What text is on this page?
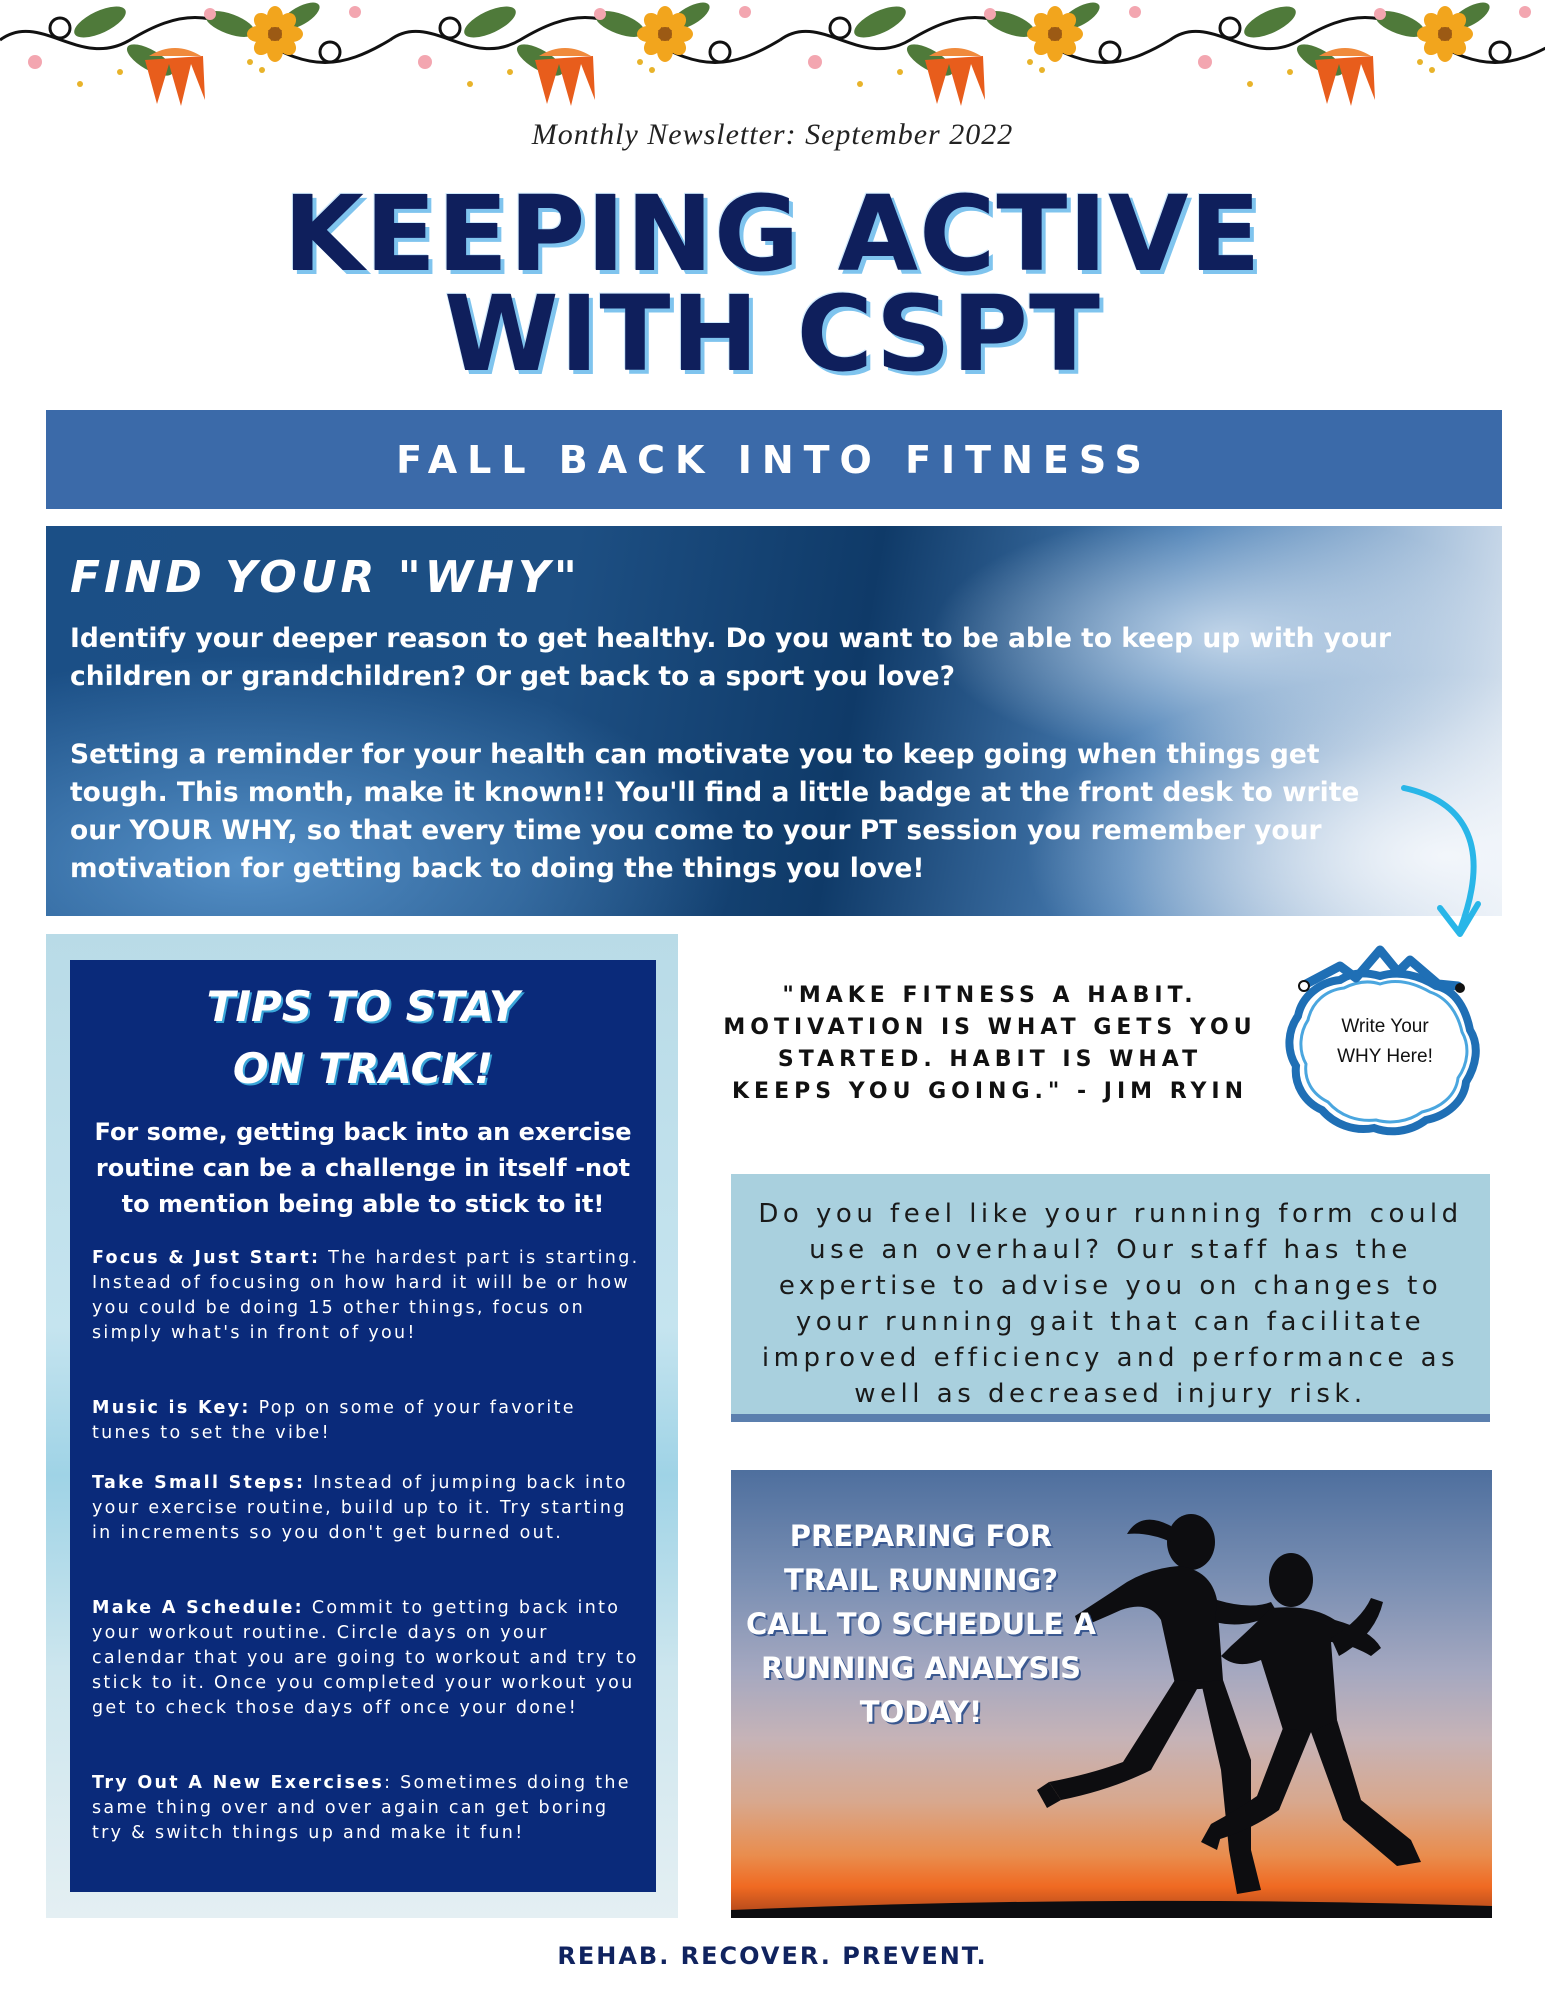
Monthly Newsletter: September 2022
KEEPING ACTIVE
WITH CSPT
FALL BACK INTO FITNESS
FIND YOUR "WHY"
Identify your deeper reason to get healthy. Do you want to be able to keep up with your children or grandchildren? Or get back to a sport you love?
Setting a reminder for your health can motivate you to keep going when things get tough. This month, make it known!! You'll find a little badge at the front desk to write our YOUR WHY, so that every time you come to your PT session you remember your motivation for getting back to doing the things you love!
TIPS TO STAY
ON TRACK!
For some, getting back into an exercise routine can be a challenge in itself -not to mention being able to stick to it!
Focus & Just Start: The hardest part is starting. Instead of focusing on how hard it will be or how you could be doing 15 other things, focus on simply what's in front of you!
Music is Key: Pop on some of your favorite tunes to set the vibe!
Take Small Steps: Instead of jumping back into your exercise routine, build up to it. Try starting in increments so you don't get burned out.
Make A Schedule: Commit to getting back into your workout routine. Circle days on your calendar that you are going to workout and try to stick to it. Once you completed your workout you get to check those days off once your done!
Try Out A New Exercises: Sometimes doing the same thing over and over again can get boring try & switch things up and make it fun!
"MAKE FITNESS A HABIT. MOTIVATION IS WHAT GETS YOU STARTED. HABIT IS WHAT KEEPS YOU GOING." - JIM RYIN
Write Your
WHY Here!
Do you feel like your running form could use an overhaul? Our staff has the expertise to advise you on changes to your running gait that can facilitate improved efficiency and performance as well as decreased injury risk.
PREPARING FOR TRAIL RUNNING? CALL TO SCHEDULE A RUNNING ANALYSIS TODAY!
REHAB. RECOVER. PREVENT.
